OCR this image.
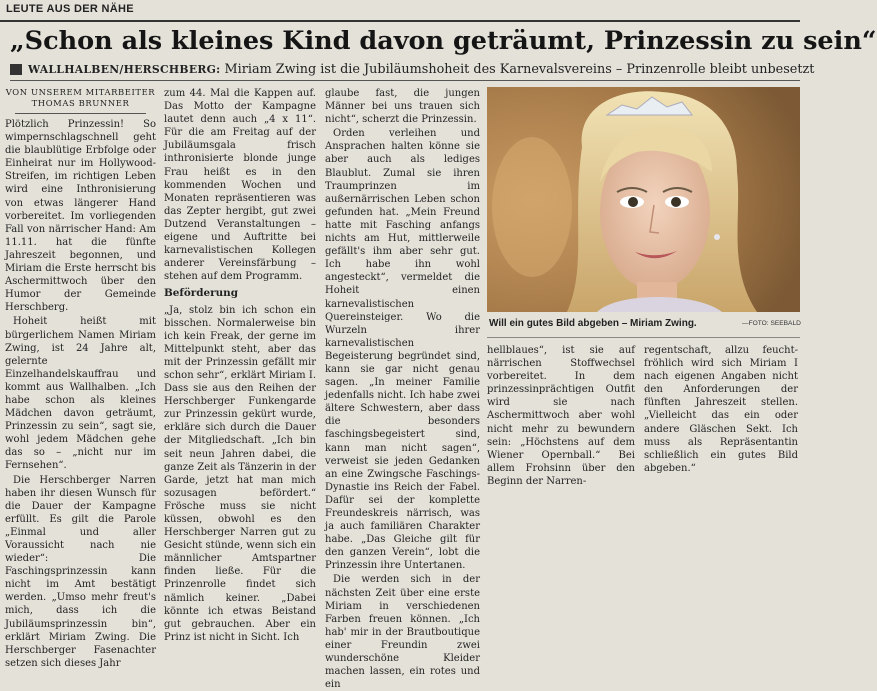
LEUTE AUS DER NÄHE
„Schon als kleines Kind davon geträumt, Prinzessin zu sein“
WALLHALBEN/HERSCHBERG: Miriam Zwing ist die Jubiläumshoheit des Karnevalsvereins – Prinzenrolle bleibt unbesetzt
VON UNSEREM MITARBEITER
THOMAS BRUNNER

Plötzlich Prinzessin! So wimpernschlagschnell geht die blaublütige Erbfolge oder Einheirat nur im Hollywood-Streifen, im richtigen Leben wird eine Inthronisierung von etwas längerer Hand vorbereitet. Im vorliegenden Fall von närrischer Hand: Am 11.11. hat die fünfte Jahreszeit begonnen, und Miriam die Erste herrscht bis Aschermittwoch über den Humor der Gemeinde Herschberg.

Hoheit heißt mit bürgerlichem Namen Miriam Zwing, ist 24 Jahre alt, gelernte Einzelhandelskauffrau und kommt aus Wallhalben. „Ich habe schon als kleines Mädchen davon geträumt, Prinzessin zu sein“, sagt sie, wohl jedem Mädchen gehe das so – „nicht nur im Fernsehen“.

Die Herschberger Narren haben ihr diesen Wunsch für die Dauer der Kampagne erfüllt. Es gilt die Parole „Einmal und aller Voraussicht nach nie wieder“: Die Faschingsprinzessin kann nicht im Amt bestätigt werden. „Umso mehr freut's mich, dass ich die Jubiläumsprinzessin bin“, erklärt Miriam Zwing. Die Herschberger Fasenachter setzen sich dieses Jahr

zum 44. Mal die Kappen auf. Das Motto der Kampagne lautet denn auch „4 x 11“. Für die am Freitag auf der Jubiläumsgala frisch inthronisierte blonde junge Frau heißt es in den kommenden Wochen und Monaten repräsentieren was das Zepter hergibt, gut zwei Dutzend Veranstaltungen – eigene und Auftritte bei karnevalistischen Kollegen anderer Vereinsfärbung – stehen auf dem Programm.

Beförderung

„Ja, stolz bin ich schon ein bisschen. Normalerweise bin ich kein Freak, der gerne im Mittelpunkt steht, aber das mit der Prinzessin gefällt mir schon sehr“, erklärt Miriam I. Dass sie aus den Reihen der Herschberger Funkengarde zur Prinzessin gekürt wurde, erkläre sich durch die Dauer der Mitgliedschaft. „Ich bin seit neun Jahren dabei, die ganze Zeit als Tänzerin in der Garde, jetzt hat man mich sozusagen befördert.“ Frösche muss sie nicht küssen, obwohl es den Herschberger Narren gut zu Gesicht stünde, wenn sich ein männlicher Amtspartner finden ließe. Für die Prinzenrolle findet sich nämlich keiner. „Dabei könnte ich etwas Beistand gut gebrauchen. Aber ein Prinz ist nicht in Sicht. Ich

glaube fast, die jungen Männer bei uns trauen sich nicht“, scherzt die Prinzessin.

Orden verleihen und Ansprachen halten könne sie aber auch als lediges Blaublut. Zumal sie ihren Traumprinzen im außernärrischen Leben schon gefunden hat. „Mein Freund hatte mit Fasching anfangs nichts am Hut, mittlerweile gefällt's ihm aber sehr gut. Ich habe ihn wohl angesteckt“, vermeldet die Hoheit einen karnevalistischen Quereinsteiger. Wo die Wurzeln ihrer karnevalistischen Begeisterung begründet sind, kann sie gar nicht genau sagen. „In meiner Familie jedenfalls nicht. Ich habe zwei ältere Schwestern, aber dass die besonders faschingsbegeistert sind, kann man nicht sagen“, verweist sie jeden Gedanken an eine Zwingsche Faschings-Dynastie ins Reich der Fabel. Dafür sei der komplette Freundeskreis närrisch, was ja auch familiären Charakter habe. „Das Gleiche gilt für den ganzen Verein“, lobt die Prinzessin ihre Untertanen.

Die werden sich in der nächsten Zeit über eine erste Miriam in verschiedenen Farben freuen können. „Ich hab' mir in der Brautboutique einer Freundin zwei wunderschöne Kleider machen lassen, ein rotes und ein

Will ein gutes Bild abgeben – Miriam Zwing.	—FOTO: SEEBALD

hellblaues“, ist sie auf närrischen Stoffwechsel vorbereitet. In dem prinzessinprächtigen Outfit wird sie nach Aschermittwoch aber wohl nicht mehr zu bewundern sein: „Höchstens auf dem Wiener Opernball.“ Bei allem Frohsinn über den Beginn der Narren-

regentschaft, allzu feucht-fröhlich wird sich Miriam I nach eigenen Angaben nicht den Anforderungen der fünften Jahreszeit stellen. „Vielleicht das ein oder andere Gläschen Sekt. Ich muss als Repräsentantin schließlich ein gutes Bild abgeben.“
